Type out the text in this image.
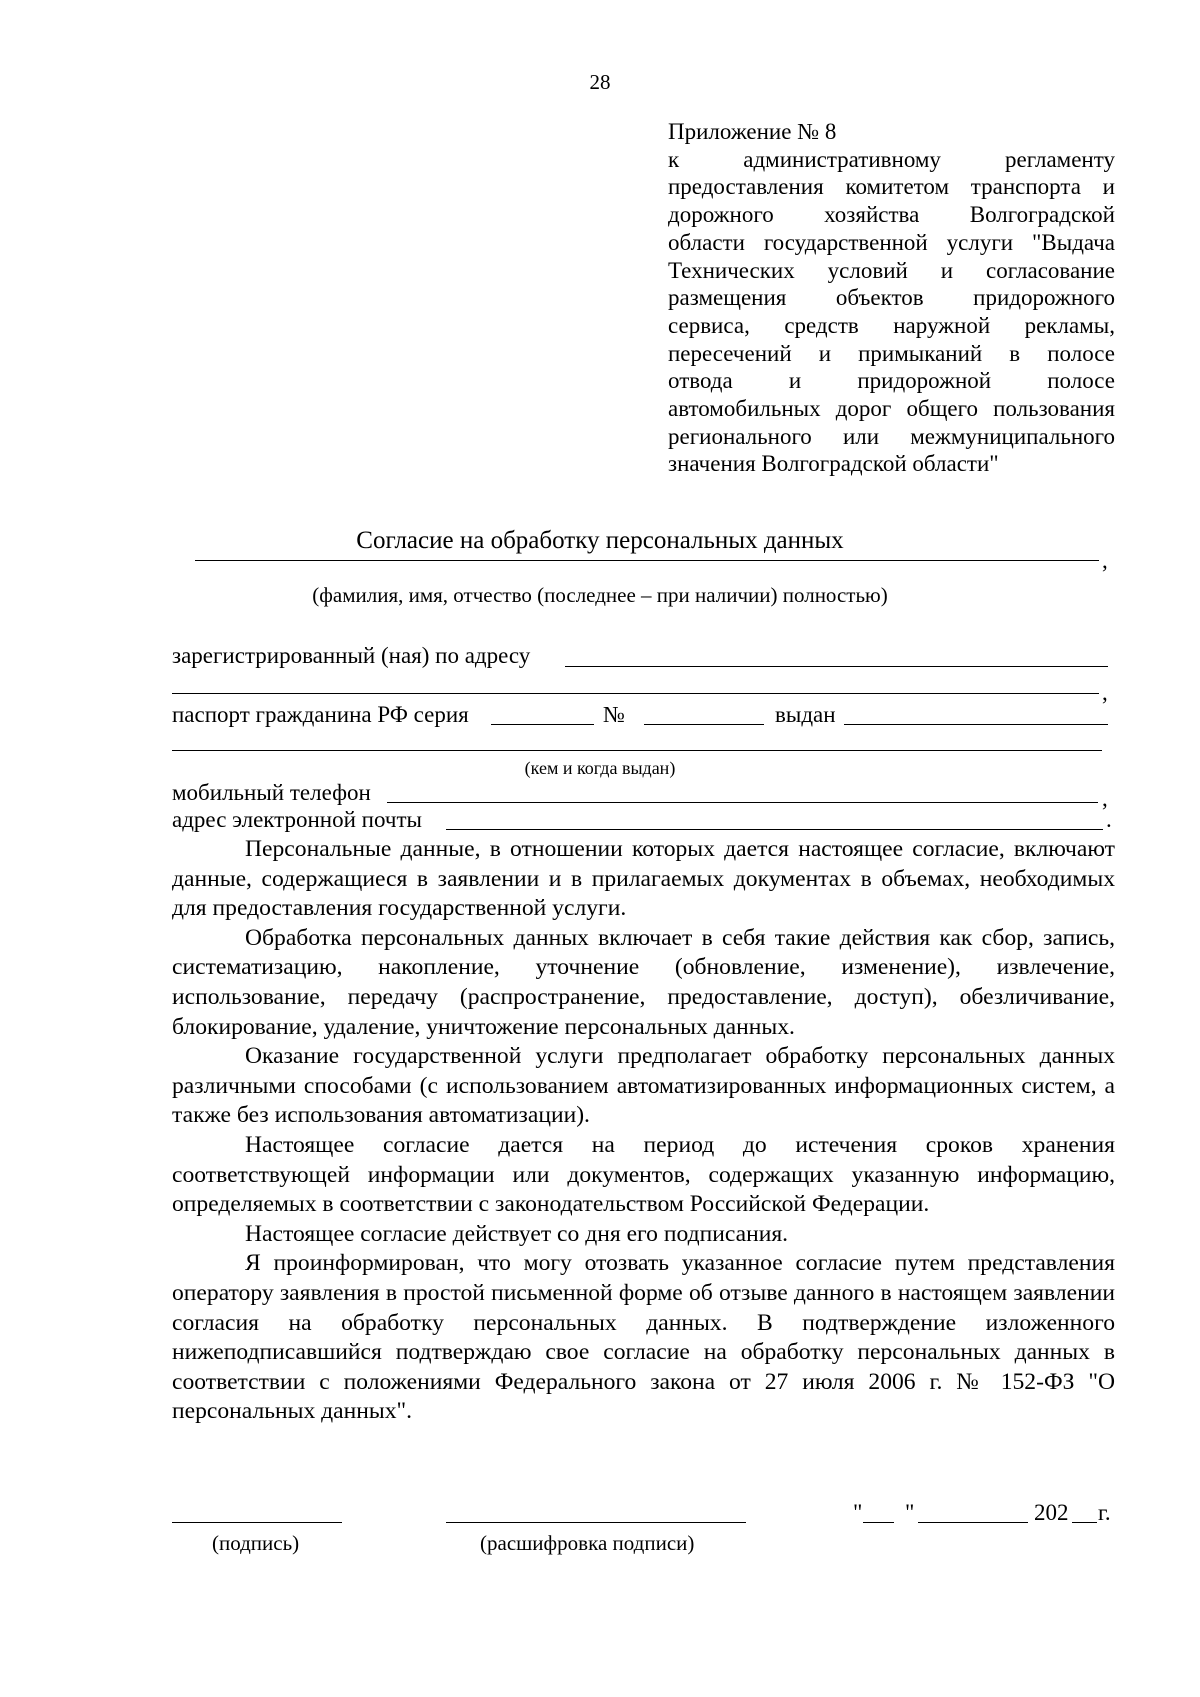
28
Приложение № 8
к административному регламенту
предоставления комитетом транспорта и
дорожного хозяйства Волгоградской
области государственной услуги "Выдача
Технических условий и согласование
размещения объектов придорожного
сервиса, средств наружной рекламы,
пересечений и примыканий в полосе
отвода и придорожной полосе
автомобильных дорог общего пользования
регионального или межмуниципального
значения Волгоградской области"
Согласие на обработку персональных данных
,
(фамилия, имя, отчество (последнее – при наличии) полностью)
зарегистрированный (ная) по адресу
,
паспорт гражданина РФ серия	№	выдан
(кем и когда выдан)
мобильный телефон	,
адрес электронной почты	.

Персональные данные, в отношении которых дается настоящее согласие, включают данные, содержащиеся в заявлении и в прилагаемых документах в объемах, необходимых для предоставления государственной услуги.

Обработка персональных данных включает в себя такие действия как сбор, запись, систематизацию, накопление, уточнение (обновление, изменение), извлечение, использование, передачу (распространение, предоставление, доступ), обезличивание, блокирование, удаление, уничтожение персональных данных.

Оказание государственной услуги предполагает обработку персональных данных различными способами (с использованием автоматизированных информационных систем, а также без использования автоматизации).

Настоящее согласие дается на период до истечения сроков хранения соответствующей информации или документов, содержащих указанную информацию, определяемых в соответствии с законодательством Российской Федерации.

Настоящее согласие действует со дня его подписания.

Я проинформирован, что могу отозвать указанное согласие путем представления оператору заявления в простой письменной форме об отзыве данного в настоящем заявлении согласия на обработку персональных данных. В подтверждение изложенного нижеподписавшийся подтверждаю свое согласие на обработку персональных данных в соответствии с положениями Федерального закона от 27 июля 2006 г. № 152-ФЗ "О персональных данных".

(подпись)	(расшифровка подписи)
" "	202 г.
